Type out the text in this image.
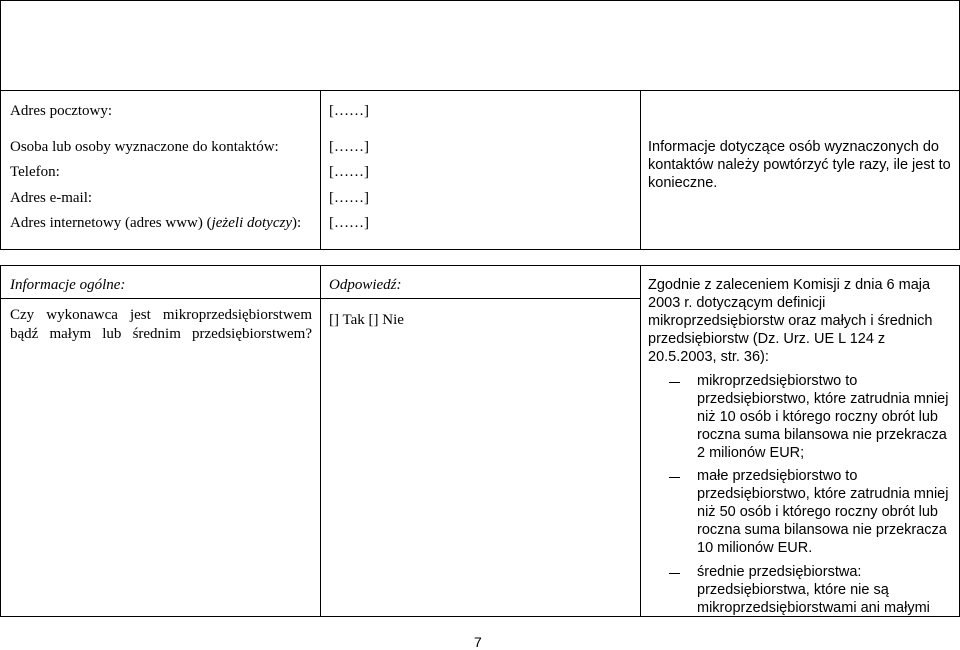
Adres pocztowy:	[……]
Osoba lub osoby wyznaczone do kontaktów:	[……]
Telefon:	[……]
Adres e-mail:	[……]
Adres internetowy (adres www) (jeżeli dotyczy): [……]
Informacje dotyczące osób wyznaczonych do kontaktów należy powtórzyć tyle razy, ile jest to konieczne.
Informacje ogólne:	Odpowiedź:
Czy wykonawca jest mikroprzedsiębiorstwem bądź małym lub średnim przedsiębiorstwem?
[] Tak [] Nie
Zgodnie z zaleceniem Komisji z dnia 6 maja 2003 r. dotyczącym definicji mikroprzedsiębiorstw oraz małych i średnich przedsiębiorstw (Dz. Urz. UE L 124 z 20.5.2003, str. 36):
mikroprzedsiębiorstwo to przedsiębiorstwo, które zatrudnia mniej niż 10 osób i którego roczny obrót lub roczna suma bilansowa nie przekracza 2 milionów EUR;
małe przedsiębiorstwo to przedsiębiorstwo, które zatrudnia mniej niż 50 osób i którego roczny obrót lub roczna suma bilansowa nie przekracza 10 milionów EUR.
średnie przedsiębiorstwa: przedsiębiorstwa, które nie są mikroprzedsiębiorstwami ani małymi
7
